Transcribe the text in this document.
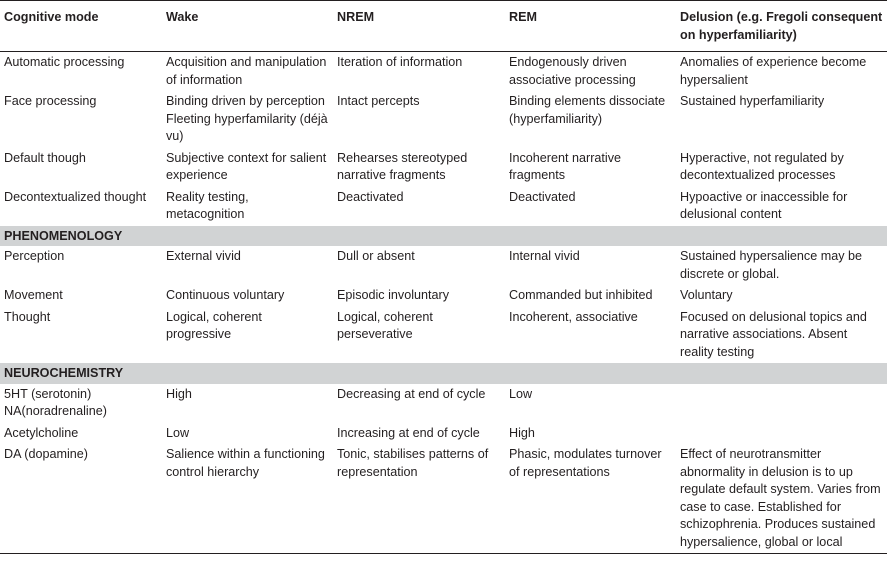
Cognitive mode	Wake	NREM	REM	Delusion (e.g. Fregoli consequent on hyperfamiliarity)
Automatic processing	Acquisition and manipulation of information	Iteration of information	Endogenously driven associative processing	Anomalies of experience become hypersalient
Face processing	Binding driven by perception Fleeting hyperfamilarity (déjà vu)	Intact percepts	Binding elements dissociate (hyperfamiliarity)	Sustained hyperfamiliarity
Default though	Subjective context for salient experience	Rehearses stereotyped narrative fragments	Incoherent narrative fragments	Hyperactive, not regulated by decontextualized processes
Decontextualized thought	Reality testing, metacognition	Deactivated	Deactivated	Hypoactive or inaccessible for delusional content
PHENOMENOLOGY				
Perception	External vivid	Dull or absent	Internal vivid	Sustained hypersalience may be discrete or global.
Movement	Continuous voluntary	Episodic involuntary	Commanded but inhibited	Voluntary
Thought	Logical, coherent progressive	Logical, coherent perseverative	Incoherent, associative	Focused on delusional topics and narrative associations. Absent reality testing
NEUROCHEMISTRY				
5HT (serotonin) NA(noradrenaline)	High	Decreasing at end of cycle	Low	
Acetylcholine	Low	Increasing at end of cycle	High	
DA (dopamine)	Salience within a functioning control hierarchy	Tonic, stabilises patterns of representation	Phasic, modulates turnover of representations	Effect of neurotransmitter abnormality in delusion is to up regulate default system. Varies from case to case. Established for schizophrenia. Produces sustained hypersalience, global or local
